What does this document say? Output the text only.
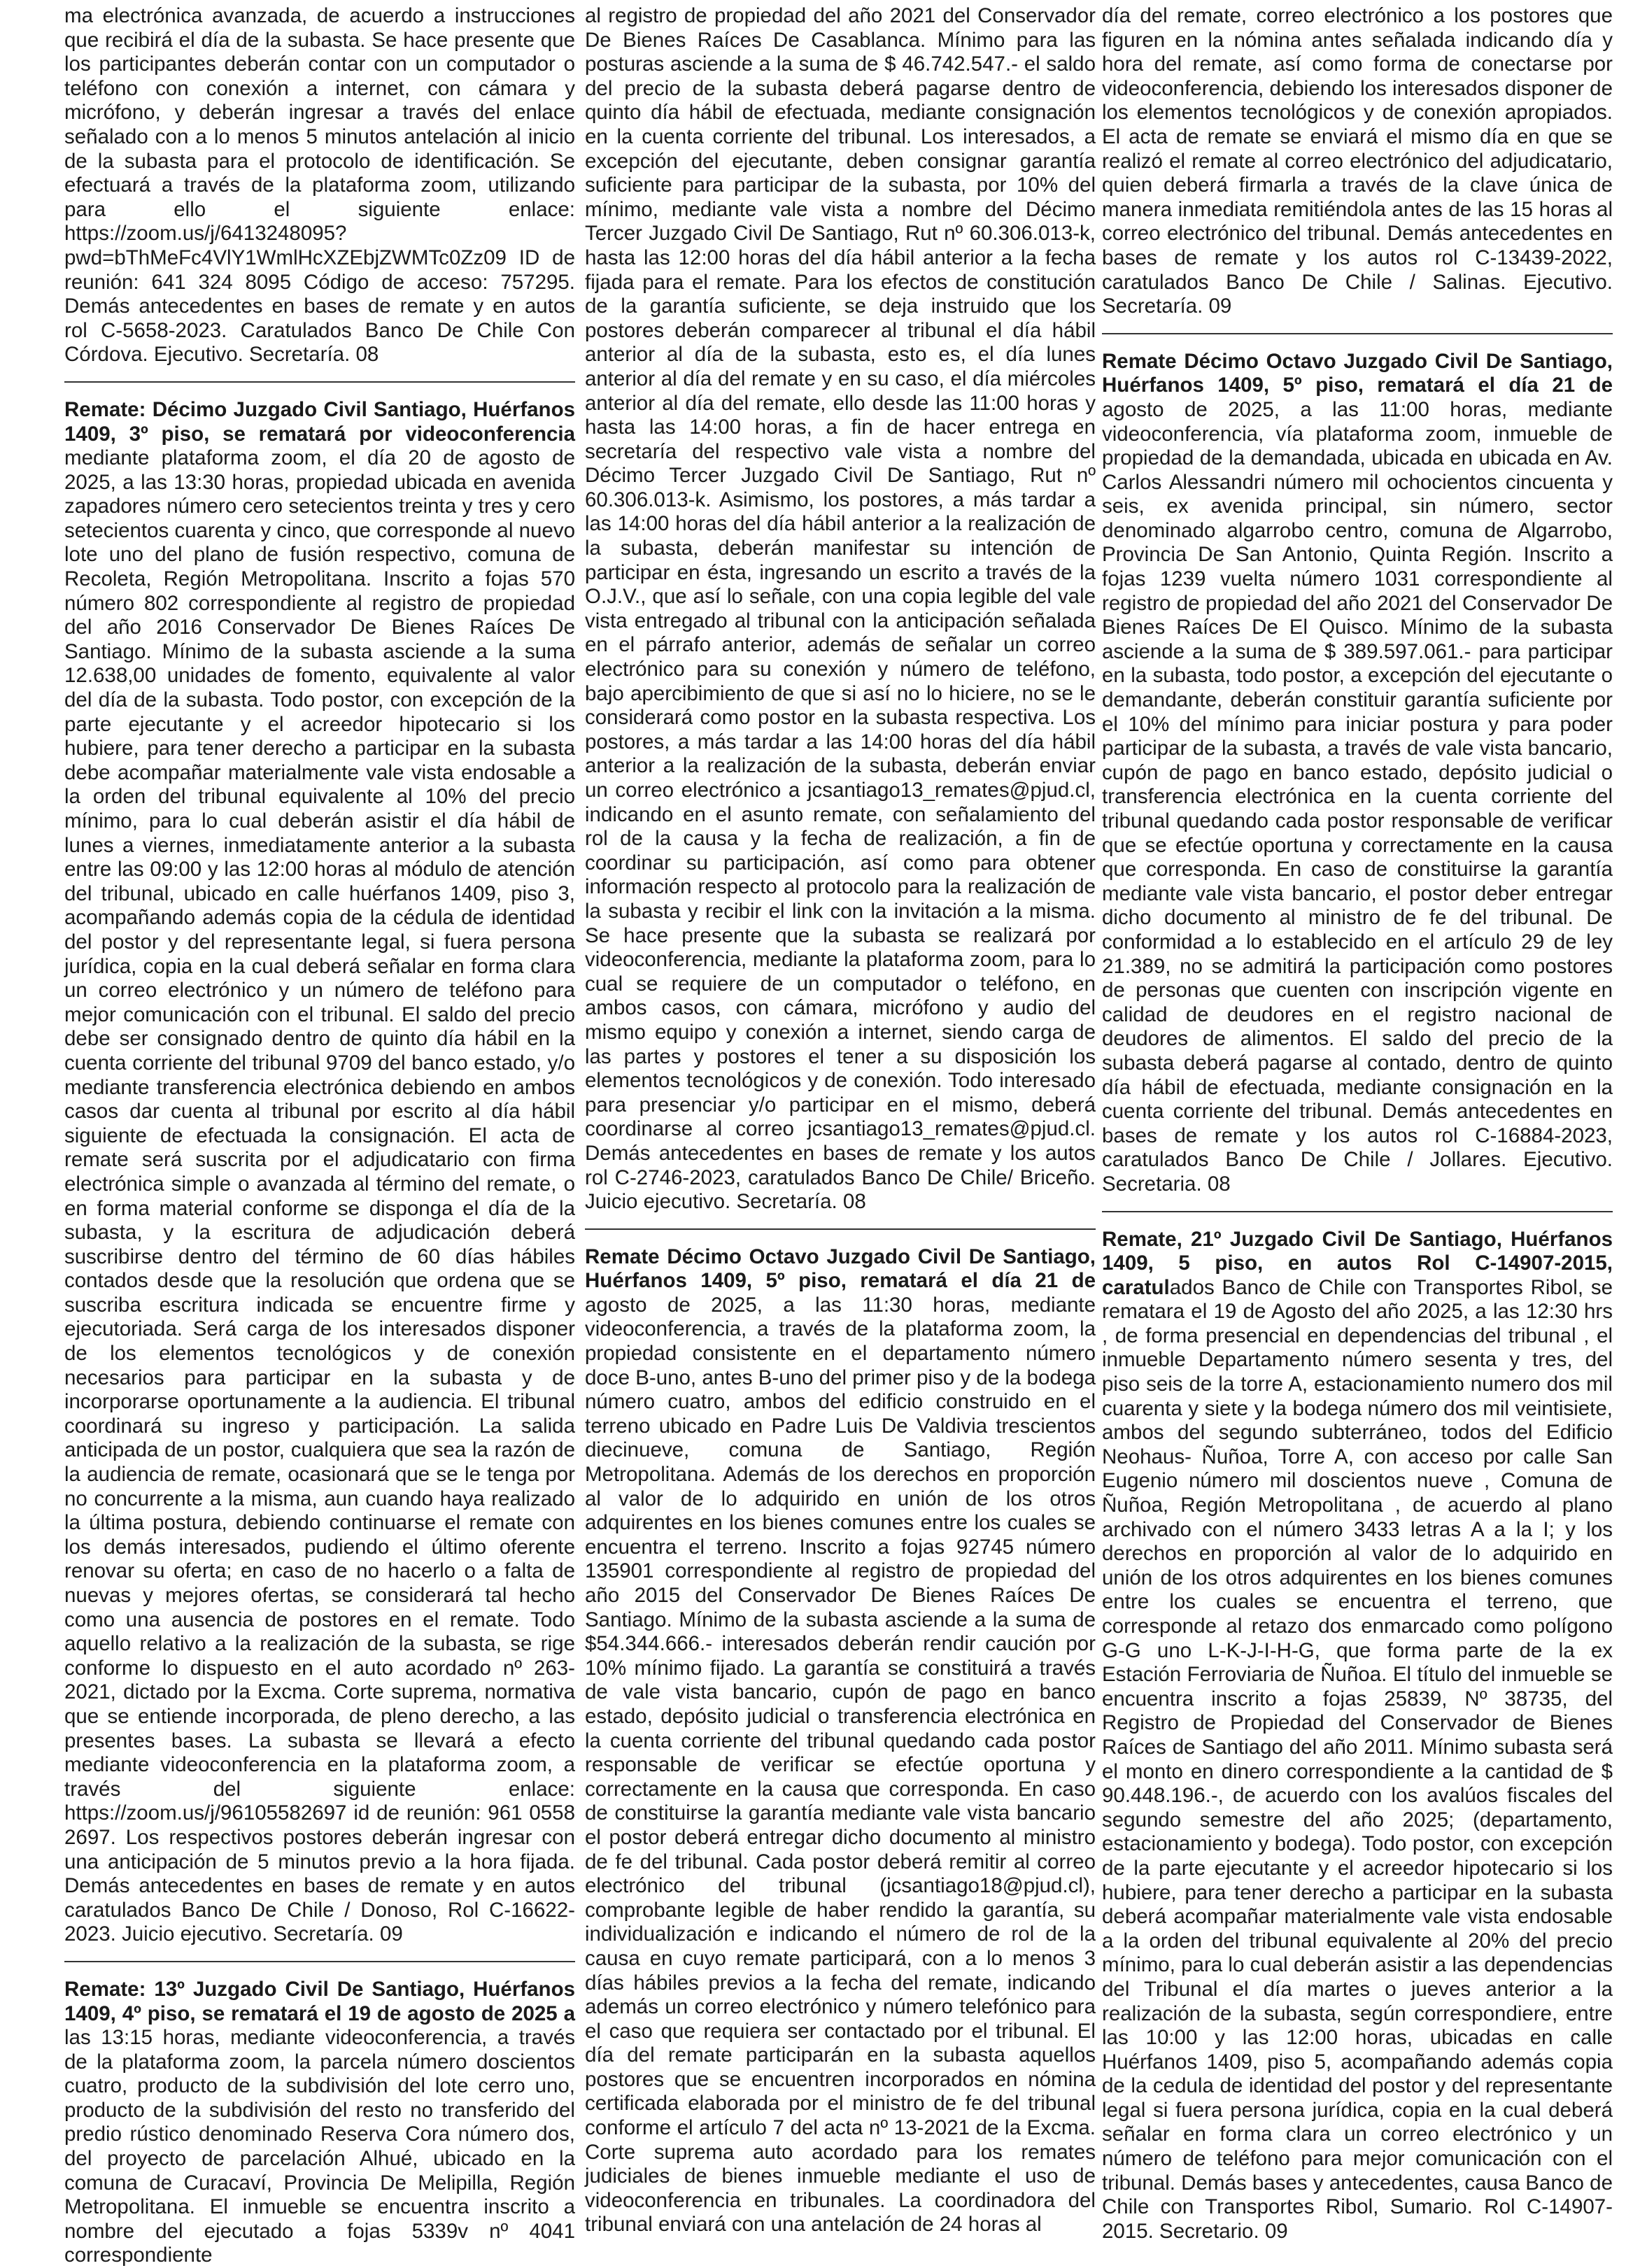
ma electrónica avanzada, de acuerdo a instrucciones que recibirá el día de la subasta. Se hace presente que los participantes deberán contar con un computador o teléfono con conexión a internet, con cámara y micrófono, y deberán ingresar a través del enlace señalado con a lo menos 5 minutos antelación al inicio de la subasta para el protocolo de identificación. Se efectuará a través de la plataforma zoom, utilizando para ello el siguiente enlace: https://zoom.us/j/6413248095?pwd=bThMeFc4VlY1WmlHcXZEbjZWMTc0Zz09 ID de reunión: 641 324 8095 Código de acceso: 757295. Demás antecedentes en bases de remate y en autos rol C-5658-2023. Caratulados Banco De Chile Con Córdova. Ejecutivo. Secretaría. 08

Remate: Décimo Juzgado Civil Santiago, Huérfanos 1409, 3º piso, se rematará por videoconferencia mediante plataforma zoom, el día 20 de agosto de 2025, a las 13:30 horas, propiedad ubicada en avenida zapadores número cero setecientos treinta y tres y cero setecientos cuarenta y cinco, que corresponde al nuevo lote uno del plano de fusión respectivo, comuna de Recoleta, Región Metropolitana. Inscrito a fojas 570 número 802 correspondiente al registro de propiedad del año 2016 Conservador De Bienes Raíces De Santiago. Mínimo de la subasta asciende a la suma 12.638,00 unidades de fomento, equivalente al valor del día de la subasta. Todo postor, con excepción de la parte ejecutante y el acreedor hipotecario si los hubiere, para tener derecho a participar en la subasta debe acompañar materialmente vale vista endosable a la orden del tribunal equivalente al 10% del precio mínimo, para lo cual deberán asistir el día hábil de lunes a viernes, inmediatamente anterior a la subasta entre las 09:00 y las 12:00 horas al módulo de atención del tribunal, ubicado en calle huérfanos 1409, piso 3, acompañando además copia de la cédula de identidad del postor y del representante legal, si fuera persona jurídica, copia en la cual deberá señalar en forma clara un correo electrónico y un número de teléfono para mejor comunicación con el tribunal. El saldo del precio debe ser consignado dentro de quinto día hábil en la cuenta corriente del tribunal 9709 del banco estado, y/o mediante transferencia electrónica debiendo en ambos casos dar cuenta al tribunal por escrito al día hábil siguiente de efectuada la consignación. El acta de remate será suscrita por el adjudicatario con firma electrónica simple o avanzada al término del remate, o en forma material conforme se disponga el día de la subasta, y la escritura de adjudicación deberá suscribirse dentro del término de 60 días hábiles contados desde que la resolución que ordena que se suscriba escritura indicada se encuentre firme y ejecutoriada. Será carga de los interesados disponer de los elementos tecnológicos y de conexión necesarios para participar en la subasta y de incorporarse oportunamente a la audiencia. El tribunal coordinará su ingreso y participación. La salida anticipada de un postor, cualquiera que sea la razón de la audiencia de remate, ocasionará que se le tenga por no concurrente a la misma, aun cuando haya realizado la última postura, debiendo continuarse el remate con los demás interesados, pudiendo el último oferente renovar su oferta; en caso de no hacerlo o a falta de nuevas y mejores ofertas, se considerará tal hecho como una ausencia de postores en el remate. Todo aquello relativo a la realización de la subasta, se rige conforme lo dispuesto en el auto acordado nº 263-2021, dictado por la Excma. Corte suprema, normativa que se entiende incorporada, de pleno derecho, a las presentes bases. La subasta se llevará a efecto mediante videoconferencia en la plataforma zoom, a través del siguiente enlace: https://zoom.us/j/96105582697 id de reunión: 961 0558 2697. Los respectivos postores deberán ingresar con una anticipación de 5 minutos previo a la hora fijada. Demás antecedentes en bases de remate y en autos caratulados Banco De Chile / Donoso, Rol C-16622-2023. Juicio ejecutivo. Secretaría. 09

Remate: 13º Juzgado Civil De Santiago, Huérfanos 1409, 4º piso, se rematará el 19 de agosto de 2025 a las 13:15 horas, mediante videoconferencia, a través de la plataforma zoom, la parcela número doscientos cuatro, producto de la subdivisión del lote cerro uno, producto de la subdivisión del resto no transferido del predio rústico denominado Reserva Cora número dos, del proyecto de parcelación Alhué, ubicado en la comuna de Curacaví, Provincia De Melipilla, Región Metropolitana. El inmueble se encuentra inscrito a nombre del ejecutado a fojas 5339v nº 4041 correspondiente

al registro de propiedad del año 2021 del Conservador De Bienes Raíces De Casablanca. Mínimo para las posturas asciende a la suma de $ 46.742.547.- el saldo del precio de la subasta deberá pagarse dentro de quinto día hábil de efectuada, mediante consignación en la cuenta corriente del tribunal. Los interesados, a excepción del ejecutante, deben consignar garantía suficiente para participar de la subasta, por 10% del mínimo, mediante vale vista a nombre del Décimo Tercer Juzgado Civil De Santiago, Rut nº 60.306.013-k, hasta las 12:00 horas del día hábil anterior a la fecha fijada para el remate. Para los efectos de constitución de la garantía suficiente, se deja instruido que los postores deberán comparecer al tribunal el día hábil anterior al día de la subasta, esto es, el día lunes anterior al día del remate y en su caso, el día miércoles anterior al día del remate, ello desde las 11:00 horas y hasta las 14:00 horas, a fin de hacer entrega en secretaría del respectivo vale vista a nombre del Décimo Tercer Juzgado Civil De Santiago, Rut nº 60.306.013-k. Asimismo, los postores, a más tardar a las 14:00 horas del día hábil anterior a la realización de la subasta, deberán manifestar su intención de participar en ésta, ingresando un escrito a través de la O.J.V., que así lo señale, con una copia legible del vale vista entregado al tribunal con la anticipación señalada en el párrafo anterior, además de señalar un correo electrónico para su conexión y número de teléfono, bajo apercibimiento de que si así no lo hiciere, no se le considerará como postor en la subasta respectiva. Los postores, a más tardar a las 14:00 horas del día hábil anterior a la realización de la subasta, deberán enviar un correo electrónico a jcsantiago13_remates@pjud.cl, indicando en el asunto remate, con señalamiento del rol de la causa y la fecha de realización, a fin de coordinar su participación, así como para obtener información respecto al protocolo para la realización de la subasta y recibir el link con la invitación a la misma. Se hace presente que la subasta se realizará por videoconferencia, mediante la plataforma zoom, para lo cual se requiere de un computador o teléfono, en ambos casos, con cámara, micrófono y audio del mismo equipo y conexión a internet, siendo carga de las partes y postores el tener a su disposición los elementos tecnológicos y de conexión. Todo interesado para presenciar y/o participar en el mismo, deberá coordinarse al correo jcsantiago13_remates@pjud.cl. Demás antecedentes en bases de remate y los autos rol C-2746-2023, caratulados Banco De Chile/ Briceño. Juicio ejecutivo. Secretaría. 08

Remate Décimo Octavo Juzgado Civil De Santiago, Huérfanos 1409, 5º piso, rematará el día 21 de agosto de 2025, a las 11:30 horas, mediante videoconferencia, a través de la plataforma zoom, la propiedad consistente en el departamento número doce B-uno, antes B-uno del primer piso y de la bodega número cuatro, ambos del edificio construido en el terreno ubicado en Padre Luis De Valdivia trescientos diecinueve, comuna de Santiago, Región Metropolitana. Además de los derechos en proporción al valor de lo adquirido en unión de los otros adquirentes en los bienes comunes entre los cuales se encuentra el terreno. Inscrito a fojas 92745 número 135901 correspondiente al registro de propiedad del año 2015 del Conservador De Bienes Raíces De Santiago. Mínimo de la subasta asciende a la suma de $54.344.666.- interesados deberán rendir caución por 10% mínimo fijado. La garantía se constituirá a través de vale vista bancario, cupón de pago en banco estado, depósito judicial o transferencia electrónica en la cuenta corriente del tribunal quedando cada postor responsable de verificar se efectúe oportuna y correctamente en la causa que corresponda. En caso de constituirse la garantía mediante vale vista bancario el postor deberá entregar dicho documento al ministro de fe del tribunal. Cada postor deberá remitir al correo electrónico del tribunal (jcsantiago18@pjud.cl), comprobante legible de haber rendido la garantía, su individualización e indicando el número de rol de la causa en cuyo remate participará, con a lo menos 3 días hábiles previos a la fecha del remate, indicando además un correo electrónico y número telefónico para el caso que requiera ser contactado por el tribunal. El día del remate participarán en la subasta aquellos postores que se encuentren incorporados en nómina certificada elaborada por el ministro de fe del tribunal conforme el artículo 7 del acta nº 13-2021 de la Excma. Corte suprema auto acordado para los remates judiciales de bienes inmueble mediante el uso de videoconferencia en tribunales. La coordinadora del tribunal enviará con una antelación de 24 horas al

día del remate, correo electrónico a los postores que figuren en la nómina antes señalada indicando día y hora del remate, así como forma de conectarse por videoconferencia, debiendo los interesados disponer de los elementos tecnológicos y de conexión apropiados. El acta de remate se enviará el mismo día en que se realizó el remate al correo electrónico del adjudicatario, quien deberá firmarla a través de la clave única de manera inmediata remitiéndola antes de las 15 horas al correo electrónico del tribunal. Demás antecedentes en bases de remate y los autos rol C-13439-2022, caratulados Banco De Chile / Salinas. Ejecutivo. Secretaría. 09

Remate Décimo Octavo Juzgado Civil De Santiago, Huérfanos 1409, 5º piso, rematará el día 21 de agosto de 2025, a las 11:00 horas, mediante videoconferencia, vía plataforma zoom, inmueble de propiedad de la demandada, ubicada en ubicada en Av. Carlos Alessandri número mil ochocientos cincuenta y seis, ex avenida principal, sin número, sector denominado algarrobo centro, comuna de Algarrobo, Provincia De San Antonio, Quinta Región. Inscrito a fojas 1239 vuelta número 1031 correspondiente al registro de propiedad del año 2021 del Conservador De Bienes Raíces De El Quisco. Mínimo de la subasta asciende a la suma de $ 389.597.061.- para participar en la subasta, todo postor, a excepción del ejecutante o demandante, deberán constituir garantía suficiente por el 10% del mínimo para iniciar postura y para poder participar de la subasta, a través de vale vista bancario, cupón de pago en banco estado, depósito judicial o transferencia electrónica en la cuenta corriente del tribunal quedando cada postor responsable de verificar que se efectúe oportuna y correctamente en la causa que corresponda. En caso de constituirse la garantía mediante vale vista bancario, el postor deber entregar dicho documento al ministro de fe del tribunal. De conformidad a lo establecido en el artículo 29 de ley 21.389, no se admitirá la participación como postores de personas que cuenten con inscripción vigente en calidad de deudores en el registro nacional de deudores de alimentos. El saldo del precio de la subasta deberá pagarse al contado, dentro de quinto día hábil de efectuada, mediante consignación en la cuenta corriente del tribunal. Demás antecedentes en bases de remate y los autos rol C-16884-2023, caratulados Banco De Chile / Jollares. Ejecutivo. Secretaria. 08

Remate, 21º Juzgado Civil De Santiago, Huérfanos 1409, 5 piso, en autos Rol C-14907-2015, caratulados Banco de Chile con Transportes Ribol, se rematara el 19 de Agosto del año 2025, a las 12:30 hrs , de forma presencial en dependencias del tribunal , el inmueble Departamento número sesenta y tres, del piso seis de la torre A, estacionamiento numero dos mil cuarenta y siete y la bodega número dos mil veintisiete, ambos del segundo subterráneo, todos del Edificio Neohaus- Ñuñoa, Torre A, con acceso por calle San Eugenio número mil doscientos nueve , Comuna de Ñuñoa, Región Metropolitana , de acuerdo al plano archivado con el número 3433 letras A a la I; y los derechos en proporción al valor de lo adquirido en unión de los otros adquirentes en los bienes comunes entre los cuales se encuentra el terreno, que corresponde al retazo dos enmarcado como polígono G-G uno L-K-J-I-H-G, que forma parte de la ex Estación Ferroviaria de Ñuñoa. El título del inmueble se encuentra inscrito a fojas 25839, Nº 38735, del Registro de Propiedad del Conservador de Bienes Raíces de Santiago del año 2011. Mínimo subasta será el monto en dinero correspondiente a la cantidad de $ 90.448.196.-, de acuerdo con los avalúos fiscales del segundo semestre del año 2025; (departamento, estacionamiento y bodega). Todo postor, con excepción de la parte ejecutante y el acreedor hipotecario si los hubiere, para tener derecho a participar en la subasta deberá acompañar materialmente vale vista endosable a la orden del tribunal equivalente al 20% del precio mínimo, para lo cual deberán asistir a las dependencias del Tribunal el día martes o jueves anterior a la realización de la subasta, según correspondiere, entre las 10:00 y las 12:00 horas, ubicadas en calle Huérfanos 1409, piso 5, acompañando además copia de la cedula de identidad del postor y del representante legal si fuera persona jurídica, copia en la cual deberá señalar en forma clara un correo electrónico y un número de teléfono para mejor comunicación con el tribunal. Demás bases y antecedentes, causa Banco de Chile con Transportes Ribol, Sumario. Rol C-14907-2015. Secretario. 09
